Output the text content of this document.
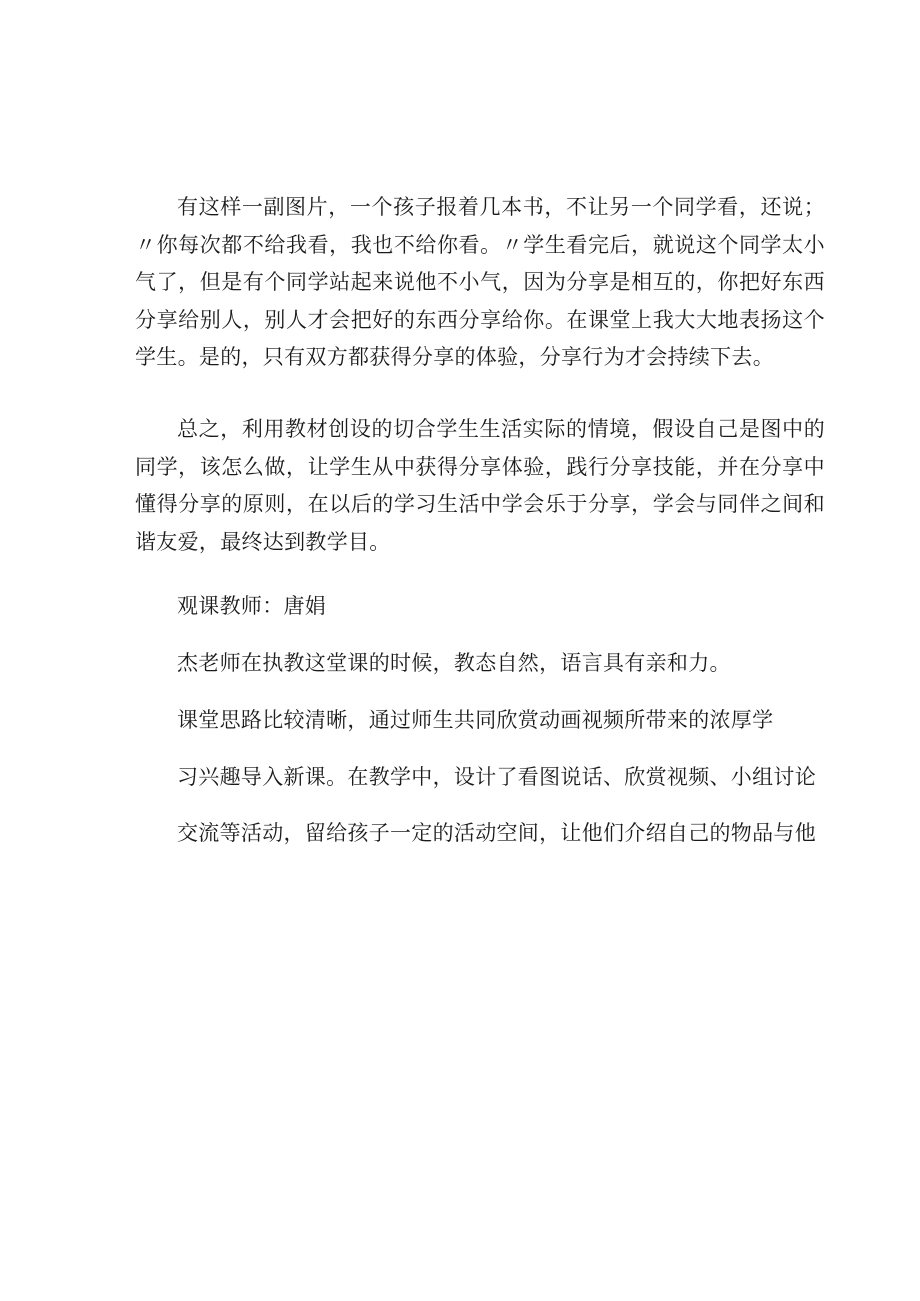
有这样一副图片，一个孩子报着几本书，不让另一个同学看，还说；〃你每次都不给我看，我也不给你看。〃学生看完后，就说这个同学太小气了，但是有个同学站起来说他不小气，因为分享是相互的，你把好东西分享给别人，别人才会把好的东西分享给你。在课堂上我大大地表扬这个学生。是的，只有双方都获得分享的体验，分享行为才会持续下去。

总之，利用教材创设的切合学生生活实际的情境，假设自己是图中的同学，该怎么做，让学生从中获得分享体验，践行分享技能，并在分享中懂得分享的原则，在以后的学习生活中学会乐于分享，学会与同伴之间和谐友爱，最终达到教学目。

观课教师：唐娟

杰老师在执教这堂课的时候，教态自然，语言具有亲和力。

课堂思路比较清晰，通过师生共同欣赏动画视频所带来的浓厚学

习兴趣导入新课。在教学中，设计了看图说话、欣赏视频、小组讨论

交流等活动，留给孩子一定的活动空间，让他们介绍自己的物品与他
